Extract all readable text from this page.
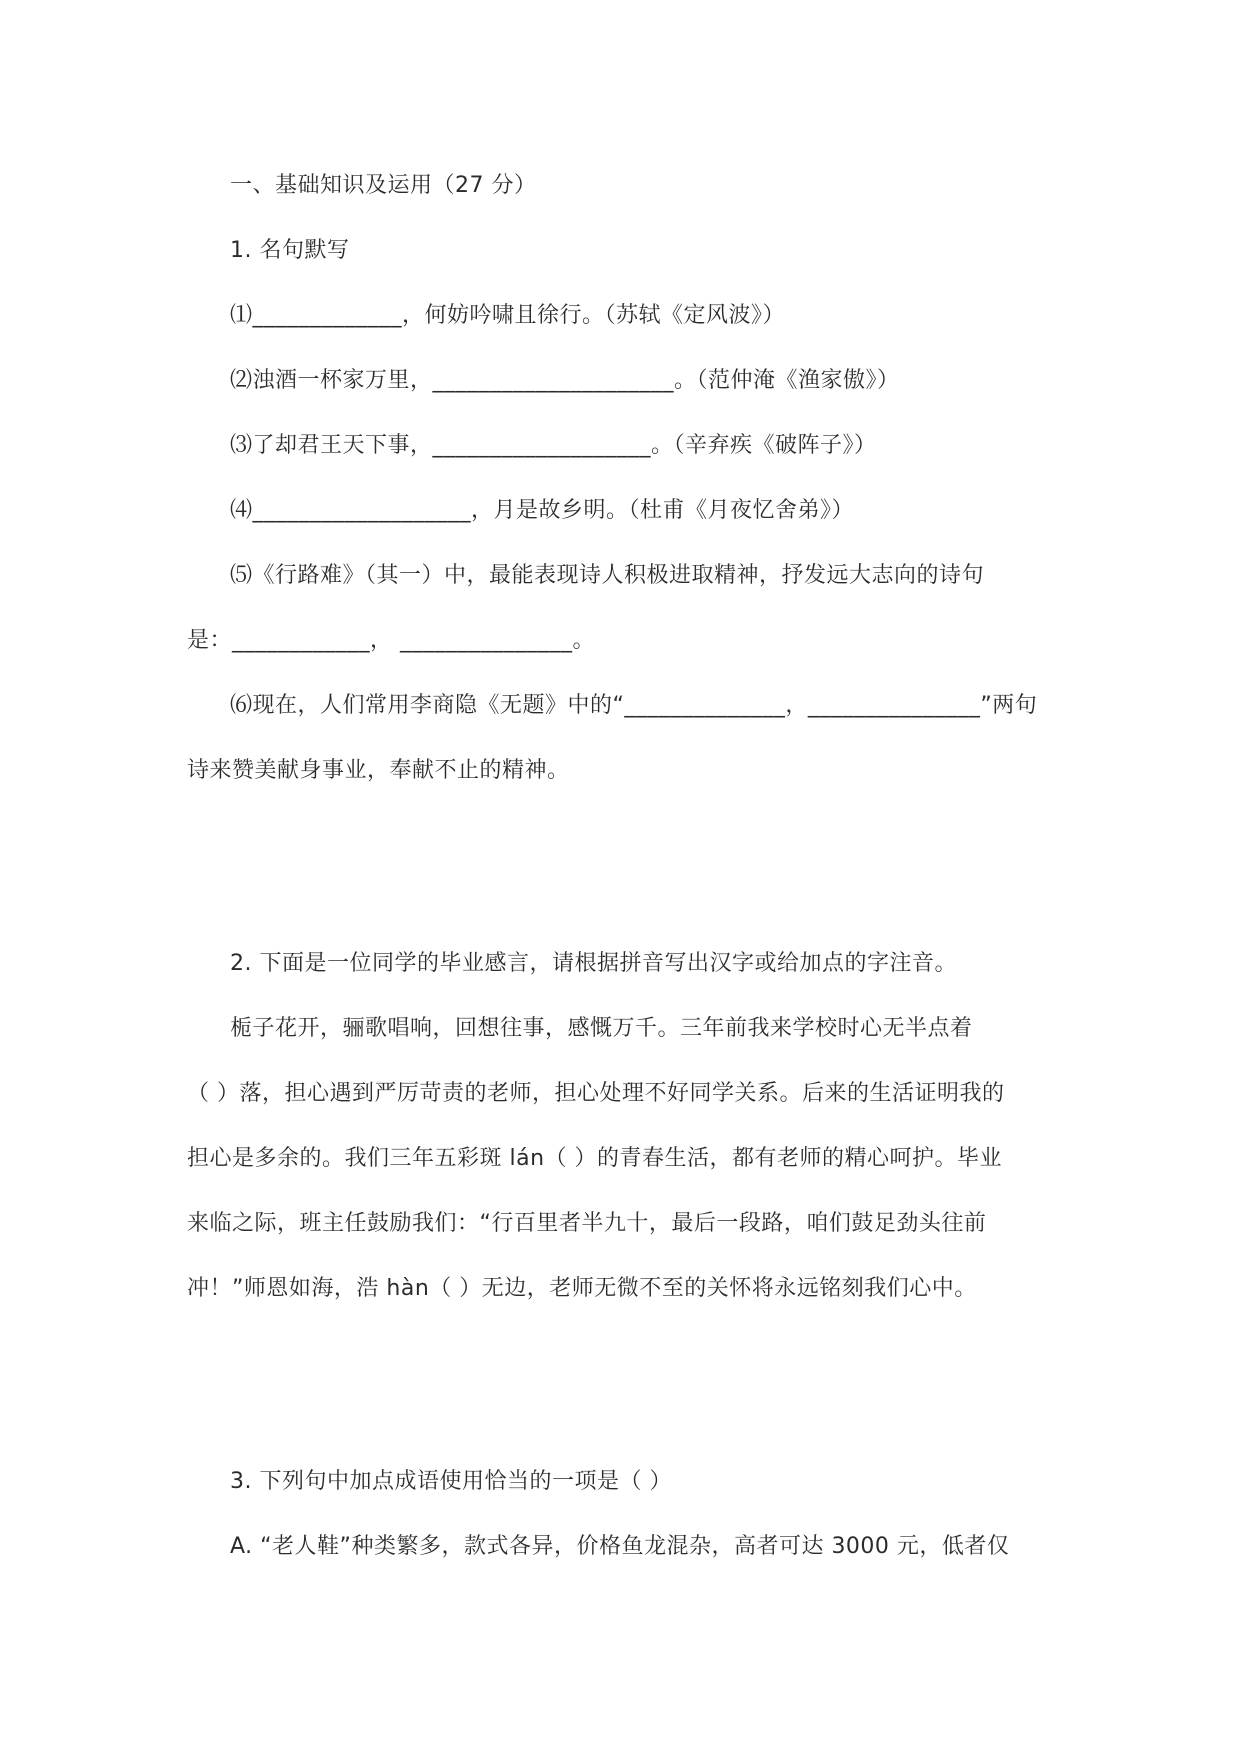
一、基础知识及运用（27 分）
1. 名句默写
⑴_____________，何妨吟啸且徐行。（苏轼《定风波》）
⑵浊酒一杯家万里，_____________________。（范仲淹《渔家傲》）
⑶了却君王天下事，___________________。（辛弃疾《破阵子》）
⑷___________________，月是故乡明。（杜甫《月夜忆舍弟》）
⑸《行路难》（其一）中，最能表现诗人积极进取精神，抒发远大志向的诗句
是：____________， _______________。
⑹现在，人们常用李商隐《无题》中的“______________，_______________”两句
诗来赞美献身事业，奉献不止的精神。
2. 下面是一位同学的毕业感言，请根据拼音写出汉字或给加点的字注音。
栀子花开，骊歌唱响，回想往事，感慨万千。三年前我来学校时心无半点着
（ ）落，担心遇到严厉苛责的老师，担心处理不好同学关系。后来的生活证明我的
担心是多余的。我们三年五彩斑 lán（ ）的青春生活，都有老师的精心呵护。毕业
来临之际，班主任鼓励我们：“行百里者半九十，最后一段路，咱们鼓足劲头往前
冲！”师恩如海，浩 hàn（ ）无边，老师无微不至的关怀将永远铭刻我们心中。
3. 下列句中加点成语使用恰当的一项是（ ）
A. “老人鞋”种类繁多，款式各异，价格鱼龙混杂，高者可达 3000 元，低者仅
